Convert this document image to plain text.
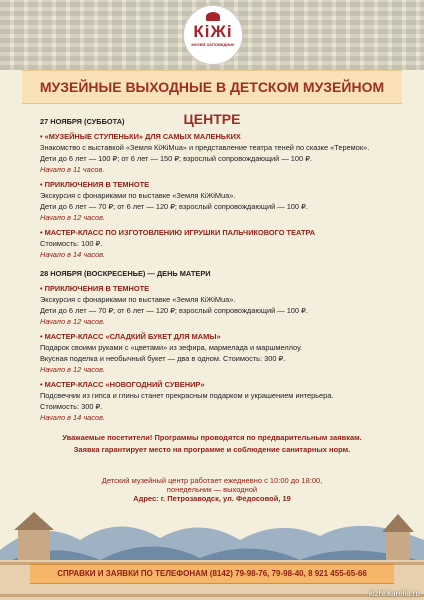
КiЖi
МУЗЕЙ-ЗАПОВЕДНИК
МУЗЕЙНЫЕ ВЫХОДНЫЕ В ДЕТСКОМ МУЗЕЙНОМ ЦЕНТРЕ
27 НОЯБРЯ (СУББОТА)
• «МУЗЕЙНЫЕ СТУПЕНЬКИ» ДЛЯ САМЫХ МАЛЕНЬКИХ
Знакомство с выставкой «Земля КiЖiМuа» и представление театра теней по сказке «Теремок».
Дети до 6 лет — 100 ₽; от 6 лет — 150 ₽; взрослый сопровождающий — 100 ₽.
Начало в 11 часов.
• ПРИКЛЮЧЕНИЯ В ТЕМНОТЕ
Экскурсия с фонариками по выставке «Земля КiЖiМuа».
Дети до 6 лет — 70 ₽; от 6 лет — 120 ₽; взрослый сопровождающий — 100 ₽.
Начало в 12 часов.
• МАСТЕР-КЛАСС ПО ИЗГОТОВЛЕНИЮ ИГРУШКИ ПАЛЬЧИКОВОГО ТЕАТРА
Стоимость: 100 ₽.
Начало в 14 часов.
28 НОЯБРЯ (ВОСКРЕСЕНЬЕ) — ДЕНЬ МАТЕРИ
• ПРИКЛЮЧЕНИЯ В ТЕМНОТЕ
Экскурсия с фонариками по выставке «Земля КiЖiМuа».
Дети до 6 лет — 70 ₽; от 6 лет — 120 ₽; взрослый сопровождающий — 100 ₽.
Начало в 12 часов.
• МАСТЕР-КЛАСС «СЛАДКИЙ БУКЕТ ДЛЯ МАМЫ»
Подарок своими руками с «цветами» из зефира, мармелада и маршмеллоу.
Вкусная поделка и необычный букет — два в одном. Стоимость: 300 ₽.
Начало в 12 часов.
• МАСТЕР-КЛАСС «НОВОГОДНИЙ СУВЕНИР»
Подсвечник из гипса и глины станет прекрасным подарком и украшением интерьера.
Стоимость: 300 ₽.
Начало в 14 часов.
Уважаемые посетители! Программы проводятся по предварительным заявкам.
Заявка гарантирует место на программе и соблюдение санитарных норм.
Детский музейный центр работает ежедневно с 10:00 до 18:00,
понедельник — выходной
Адрес: г. Петрозаводск, ул. Федосовой, 19
СПРАВКИ И ЗАЯВКИ ПО ТЕЛЕФОНАМ (8142) 79-98-76, 79-98-40, 8 921 455-65-66
kizhi.karelia.ru
